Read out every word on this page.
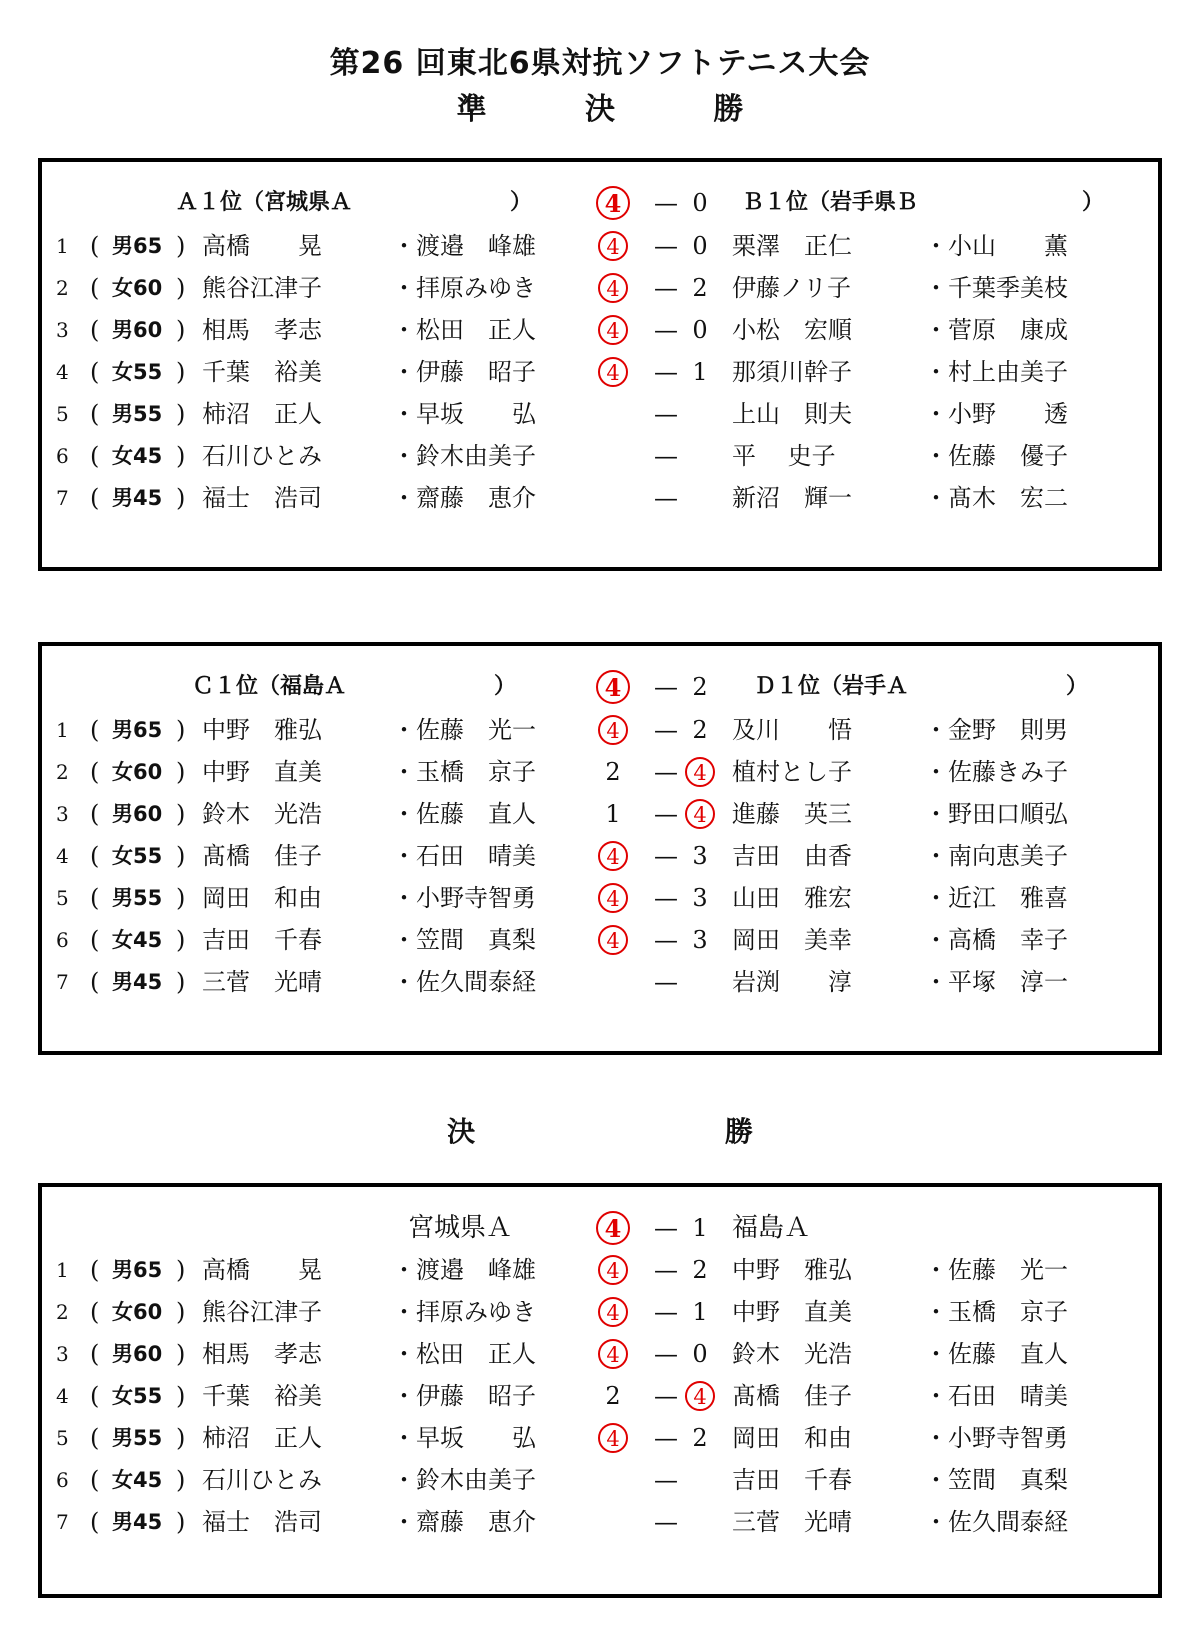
第26 回東北6県対抗ソフトテニス大会
準 決 勝
Ａ１位（宮城県Ａ	）	Ｂ１位（岩手県Ｂ	）
4	— 0
1 ( 男65 ) 高橋　　晃	・渡邉　峰雄	4	— 0	栗澤　正仁	・小山　　薫
2 ( 女60 ) 熊谷江津子	・拝原みゆき	4	— 2	伊藤ノリ子	・千葉季美枝
3 ( 男60 ) 相馬　孝志	・松田　正人	4	— 0	小松　宏順	・菅原　康成
4 ( 女55 ) 千葉　裕美	・伊藤　昭子	4	— 1	那須川幹子	・村上由美子
5 ( 男55 ) 柿沼　正人	・早坂　　弘	— 上山　則夫	・小野　　透
6 ( 女45 ) 石川ひとみ	・鈴木由美子	— 平　 史子	・佐藤　優子
7 ( 男45 ) 福士　浩司	・齋藤　恵介	— 新沼　輝一	・髙木　宏二
Ｃ１位（福島Ａ	）	Ｄ１位（岩手Ａ	）
4	— 2
1 ( 男65 ) 中野　雅弘	・佐藤　光一	4	— 2	及川　　悟	・金野　則男
2 ( 女60 ) 中野　直美	・玉橋　京子	2	— 4	植村とし子	・佐藤きみ子
3 ( 男60 ) 鈴木　光浩	・佐藤　直人	1	— 4	進藤　英三	・野田口順弘
4 ( 女55 ) 髙橋　佳子	・石田　晴美	4	— 3	吉田　由香	・南向恵美子
5 ( 男55 ) 岡田　和由	・小野寺智勇	4	— 3	山田　雅宏	・近江　雅喜
6 ( 女45 ) 吉田　千春	・笠間　真梨	4	— 3	岡田　美幸	・高橋　幸子
7 ( 男45 ) 三菅　光晴	・佐久間泰経	— 岩渕　　淳	・平塚　淳一
決 勝
宮城県Ａ	福島Ａ
4	— 1
1 ( 男65 ) 高橋　　晃	・渡邉　峰雄	4	— 2	中野　雅弘	・佐藤　光一
2 ( 女60 ) 熊谷江津子	・拝原みゆき	4	— 1	中野　直美	・玉橋　京子
3 ( 男60 ) 相馬　孝志	・松田　正人	4	— 0	鈴木　光浩	・佐藤　直人
4 ( 女55 ) 千葉　裕美	・伊藤　昭子	2	— 4	髙橋　佳子	・石田　晴美
5 ( 男55 ) 柿沼　正人	・早坂　　弘	4	— 2	岡田　和由	・小野寺智勇
6 ( 女45 ) 石川ひとみ	・鈴木由美子	— 吉田　千春	・笠間　真梨
7 ( 男45 ) 福士　浩司	・齋藤　恵介	— 三菅　光晴	・佐久間泰経
